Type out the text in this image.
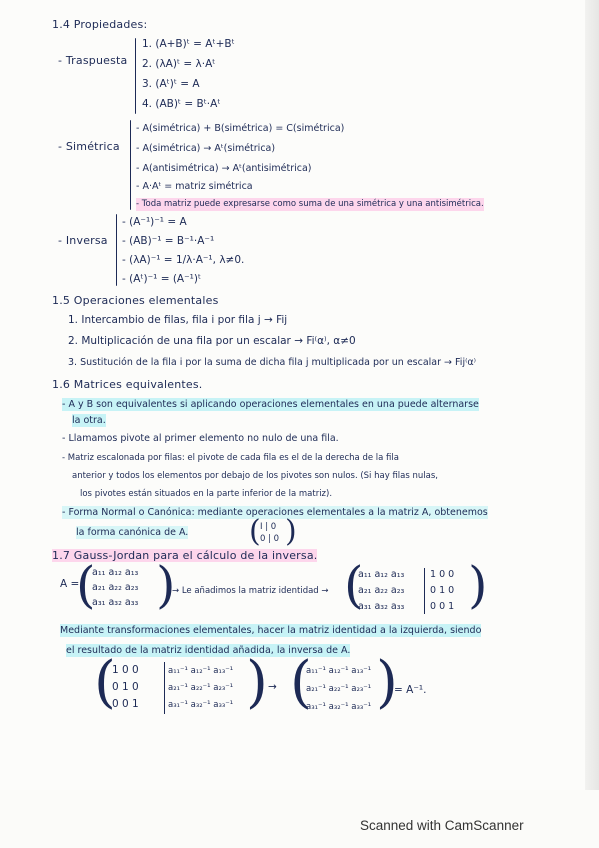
1.4 Propiedades:
- Traspuesta
1. (A+B)ᵗ = Aᵗ+Bᵗ
2. (λA)ᵗ = λ·Aᵗ
3. (Aᵗ)ᵗ = A
4. (AB)ᵗ = Bᵗ·Aᵗ
- Simétrica
- A(simétrica) + B(simétrica) = C(simétrica)
- A(simétrica) → Aᵗ(simétrica)
- A(antisimétrica) → Aᵗ(antisimétrica)
- A·Aᵗ = matriz simétrica
- Toda matriz puede expresarse como suma de una simétrica y una antisimétrica.
- Inversa
- (A⁻¹)⁻¹ = A
- (AB)⁻¹ = B⁻¹·A⁻¹
- (λA)⁻¹ = 1/λ·A⁻¹, λ≠0.
- (Aᵗ)⁻¹ = (A⁻¹)ᵗ
1.5 Operaciones elementales
1. Intercambio de filas, fila i por fila j → Fij
2. Multiplicación de una fila por un escalar → Fi⁽α⁾, α≠0
3. Sustitución de la fila i por la suma de dicha fila j multiplicada por un escalar → Fij⁽α⁾
1.6 Matrices equivalentes.
- A y B son equivalentes si aplicando operaciones elementales en una puede alternarse
la otra.
- Llamamos pivote al primer elemento no nulo de una fila.
- Matriz escalonada por filas: el pivote de cada fila es el de la derecha de la fila
anterior y todos los elementos por debajo de los pivotes son nulos. (Si hay filas nulas,
los pivotes están situados en la parte inferior de la matriz).
- Forma Normal o Canónica: mediante operaciones elementales a la matriz A, obtenemos
la forma canónica de A. ( I | 0
0 | 0 )
1.7 Gauss-Jordan para el cálculo de la inversa.
A =
(
a₁₁ a₁₂ a₁₃
a₂₁ a₂₂ a₂₃
a₃₁ a₃₂ a₃₃ )
→ Le añadimos la matriz identidad → (
a₁₁ a₁₂ a₁₃
a₂₁ a₂₂ a₂₃
a₃₁ a₃₂ a₃₃
1 0 0
0 1 0
0 0 1 )
Mediante transformaciones elementales, hacer la matriz identidad a la izquierda, siendo
el resultado de la matriz identidad añadida, la inversa de A.
(
1 0 0
0 1 0
0 0 1
a₁₁⁻¹ a₁₂⁻¹ a₁₃⁻¹
a₂₁⁻¹ a₂₂⁻¹ a₂₃⁻¹
a₃₁⁻¹ a₃₂⁻¹ a₃₃⁻¹ ) → (
a₁₁⁻¹ a₁₂⁻¹ a₁₃⁻¹
a₂₁⁻¹ a₂₂⁻¹ a₂₃⁻¹
a₃₁⁻¹ a₃₂⁻¹ a₃₃⁻¹ )
= A⁻¹.
Scanned with CamScanner
